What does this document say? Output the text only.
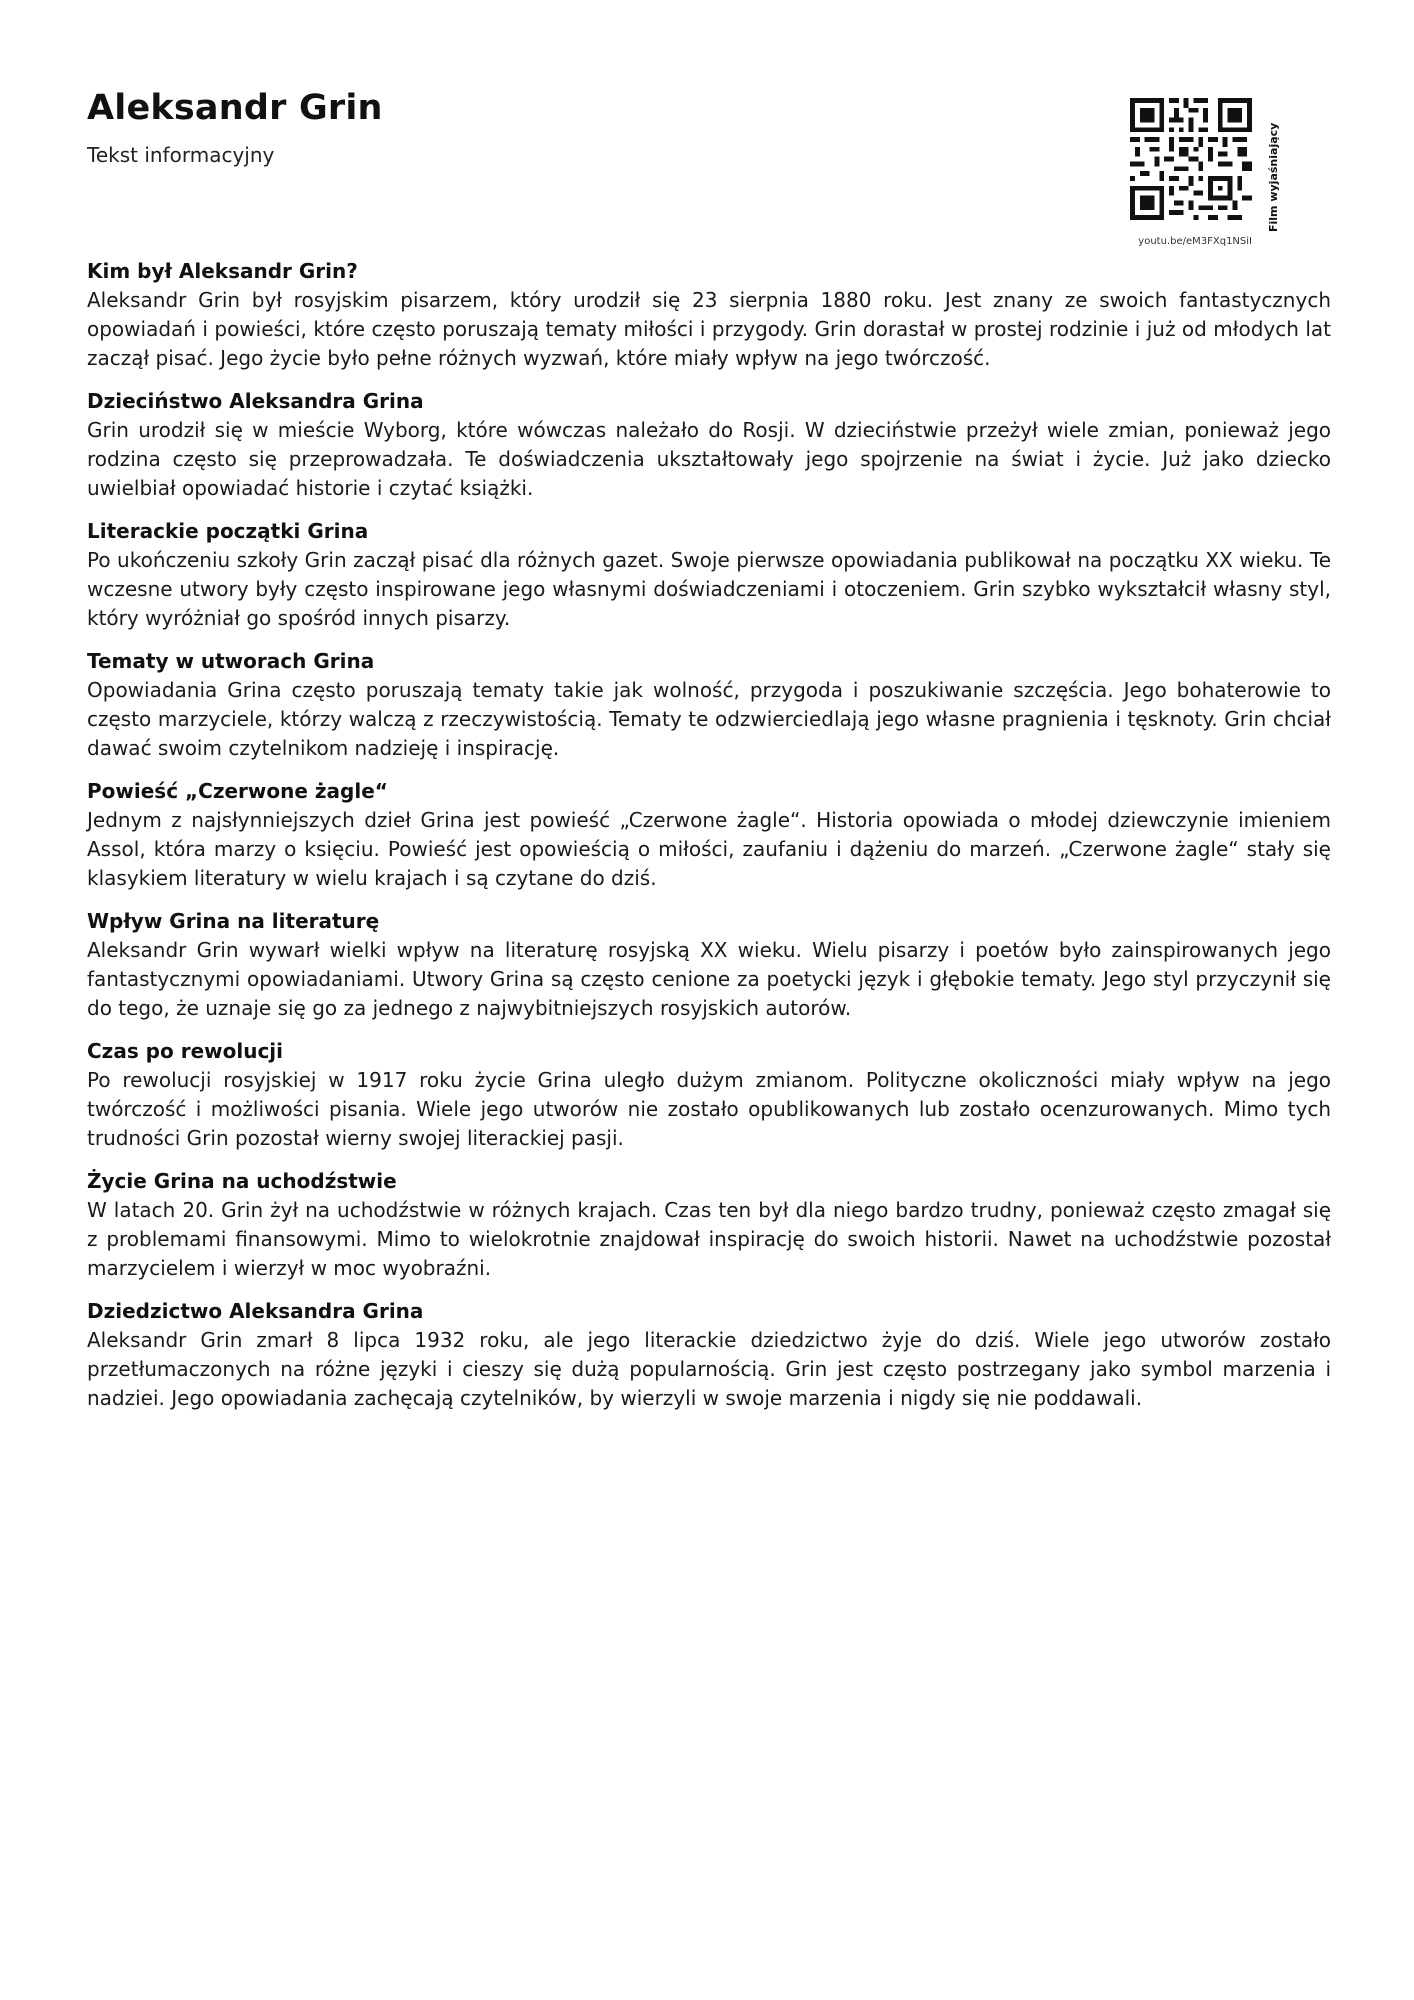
Aleksandr Grin
Tekst informacyjny
youtu.be/eM3FXq1NSiI
Film wyjaśniający
Kim był Aleksandr Grin?

Aleksandr Grin był rosyjskim pisarzem, który urodził się 23 sierpnia 1880 roku. Jest znany ze swoich fantastycznych opowiadań i powieści, które często poruszają tematy miłości i przygody. Grin dorastał w prostej rodzinie i już od młodych lat zaczął pisać. Jego życie było pełne różnych wyzwań, które miały wpływ na jego twórczość.

Dzieciństwo Aleksandra Grina

Grin urodził się w mieście Wyborg, które wówczas należało do Rosji. W dzieciństwie przeżył wiele zmian, ponieważ jego rodzina często się przeprowadzała. Te doświadczenia ukształtowały jego spojrzenie na świat i życie. Już jako dziecko uwielbiał opowiadać historie i czytać książki.

Literackie początki Grina

Po ukończeniu szkoły Grin zaczął pisać dla różnych gazet. Swoje pierwsze opowiadania publikował na początku XX wieku. Te wczesne utwory były często inspirowane jego własnymi doświadczeniami i otoczeniem. Grin szybko wykształcił własny styl, który wyróżniał go spośród innych pisarzy.

Tematy w utworach Grina

Opowiadania Grina często poruszają tematy takie jak wolność, przygoda i poszukiwanie szczęścia. Jego bohaterowie to często marzyciele, którzy walczą z rzeczywistością. Tematy te odzwierciedlają jego własne pragnienia i tęsknoty. Grin chciał dawać swoim czytelnikom nadzieję i inspirację.

Powieść „Czerwone żagle“

Jednym z najsłynniejszych dzieł Grina jest powieść „Czerwone żagle“. Historia opowiada o młodej dziewczynie imieniem Assol, która marzy o księciu. Powieść jest opowieścią o miłości, zaufaniu i dążeniu do marzeń. „Czerwone żagle“ stały się klasykiem literatury w wielu krajach i są czytane do dziś.

Wpływ Grina na literaturę

Aleksandr Grin wywarł wielki wpływ na literaturę rosyjską XX wieku. Wielu pisarzy i poetów było zainspirowanych jego fantastycznymi opowiadaniami. Utwory Grina są często cenione za poetycki język i głębokie tematy. Jego styl przyczynił się do tego, że uznaje się go za jednego z najwybitniejszych rosyjskich autorów.

Czas po rewolucji

Po rewolucji rosyjskiej w 1917 roku życie Grina uległo dużym zmianom. Polityczne okoliczności miały wpływ na jego twórczość i możliwości pisania. Wiele jego utworów nie zostało opublikowanych lub zostało ocenzurowanych. Mimo tych trudności Grin pozostał wierny swojej literackiej pasji.

Życie Grina na uchodźstwie

W latach 20. Grin żył na uchodźstwie w różnych krajach. Czas ten był dla niego bardzo trudny, ponieważ często zmagał się z problemami finansowymi. Mimo to wielokrotnie znajdował inspirację do swoich historii. Nawet na uchodźstwie pozostał marzycielem i wierzył w moc wyobraźni.

Dziedzictwo Aleksandra Grina

Aleksandr Grin zmarł 8 lipca 1932 roku, ale jego literackie dziedzictwo żyje do dziś. Wiele jego utworów zostało przetłumaczonych na różne języki i cieszy się dużą popularnością. Grin jest często postrzegany jako symbol marzenia i nadziei. Jego opowiadania zachęcają czytelników, by wierzyli w swoje marzenia i nigdy się nie poddawali.
